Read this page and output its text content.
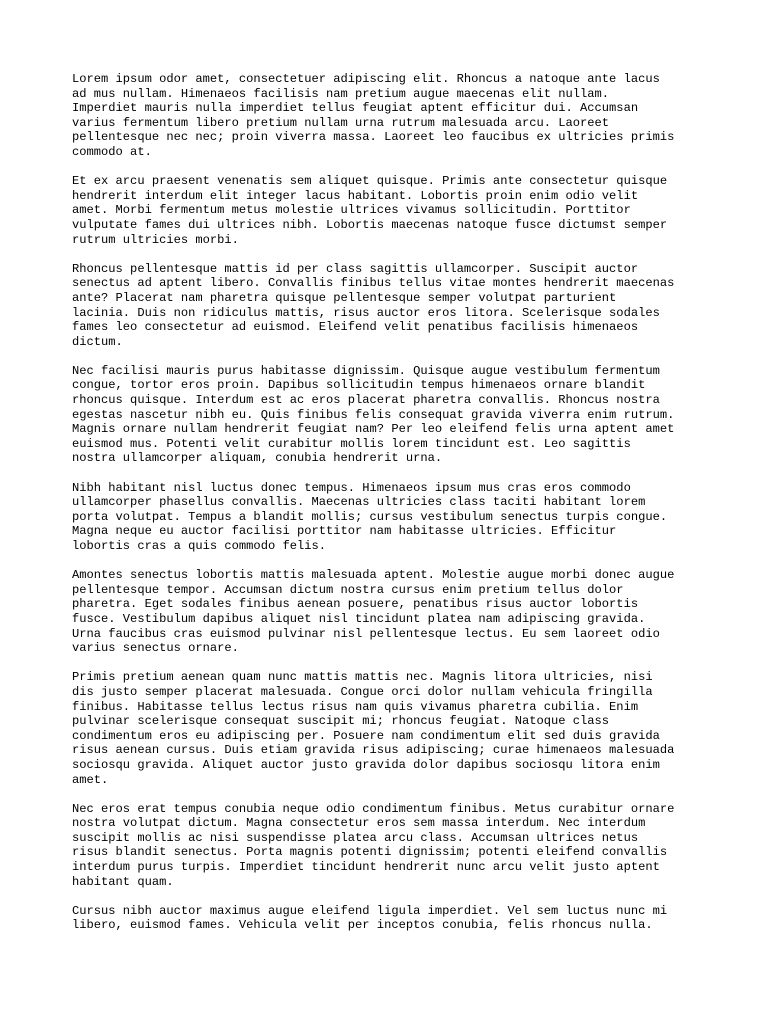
Lorem ipsum odor amet, consectetuer adipiscing elit. Rhoncus a natoque ante lacus
ad mus nullam. Himenaeos facilisis nam pretium augue maecenas elit nullam.
Imperdiet mauris nulla imperdiet tellus feugiat aptent efficitur dui. Accumsan
varius fermentum libero pretium nullam urna rutrum malesuada arcu. Laoreet
pellentesque nec nec; proin viverra massa. Laoreet leo faucibus ex ultricies primis
commodo at.

Et ex arcu praesent venenatis sem aliquet quisque. Primis ante consectetur quisque
hendrerit interdum elit integer lacus habitant. Lobortis proin enim odio velit
amet. Morbi fermentum metus molestie ultrices vivamus sollicitudin. Porttitor
vulputate fames dui ultrices nibh. Lobortis maecenas natoque fusce dictumst semper
rutrum ultricies morbi.

Rhoncus pellentesque mattis id per class sagittis ullamcorper. Suscipit auctor
senectus ad aptent libero. Convallis finibus tellus vitae montes hendrerit maecenas
ante? Placerat nam pharetra quisque pellentesque semper volutpat parturient
lacinia. Duis non ridiculus mattis, risus auctor eros litora. Scelerisque sodales
fames leo consectetur ad euismod. Eleifend velit penatibus facilisis himenaeos
dictum.

Nec facilisi mauris purus habitasse dignissim. Quisque augue vestibulum fermentum
congue, tortor eros proin. Dapibus sollicitudin tempus himenaeos ornare blandit
rhoncus quisque. Interdum est ac eros placerat pharetra convallis. Rhoncus nostra
egestas nascetur nibh eu. Quis finibus felis consequat gravida viverra enim rutrum.
Magnis ornare nullam hendrerit feugiat nam? Per leo eleifend felis urna aptent amet
euismod mus. Potenti velit curabitur mollis lorem tincidunt est. Leo sagittis
nostra ullamcorper aliquam, conubia hendrerit urna.

Nibh habitant nisl luctus donec tempus. Himenaeos ipsum mus cras eros commodo
ullamcorper phasellus convallis. Maecenas ultricies class taciti habitant lorem
porta volutpat. Tempus a blandit mollis; cursus vestibulum senectus turpis congue.
Magna neque eu auctor facilisi porttitor nam habitasse ultricies. Efficitur
lobortis cras a quis commodo felis.

Amontes senectus lobortis mattis malesuada aptent. Molestie augue morbi donec augue
pellentesque tempor. Accumsan dictum nostra cursus enim pretium tellus dolor
pharetra. Eget sodales finibus aenean posuere, penatibus risus auctor lobortis
fusce. Vestibulum dapibus aliquet nisl tincidunt platea nam adipiscing gravida.
Urna faucibus cras euismod pulvinar nisl pellentesque lectus. Eu sem laoreet odio
varius senectus ornare.

Primis pretium aenean quam nunc mattis mattis nec. Magnis litora ultricies, nisi
dis justo semper placerat malesuada. Congue orci dolor nullam vehicula fringilla
finibus. Habitasse tellus lectus risus nam quis vivamus pharetra cubilia. Enim
pulvinar scelerisque consequat suscipit mi; rhoncus feugiat. Natoque class
condimentum eros eu adipiscing per. Posuere nam condimentum elit sed duis gravida
risus aenean cursus. Duis etiam gravida risus adipiscing; curae himenaeos malesuada
sociosqu gravida. Aliquet auctor justo gravida dolor dapibus sociosqu litora enim
amet.

Nec eros erat tempus conubia neque odio condimentum finibus. Metus curabitur ornare
nostra volutpat dictum. Magna consectetur eros sem massa interdum. Nec interdum
suscipit mollis ac nisi suspendisse platea arcu class. Accumsan ultrices netus
risus blandit senectus. Porta magnis potenti dignissim; potenti eleifend convallis
interdum purus turpis. Imperdiet tincidunt hendrerit nunc arcu velit justo aptent
habitant quam.

Cursus nibh auctor maximus augue eleifend ligula imperdiet. Vel sem luctus nunc mi
libero, euismod fames. Vehicula velit per inceptos conubia, felis rhoncus nulla.
